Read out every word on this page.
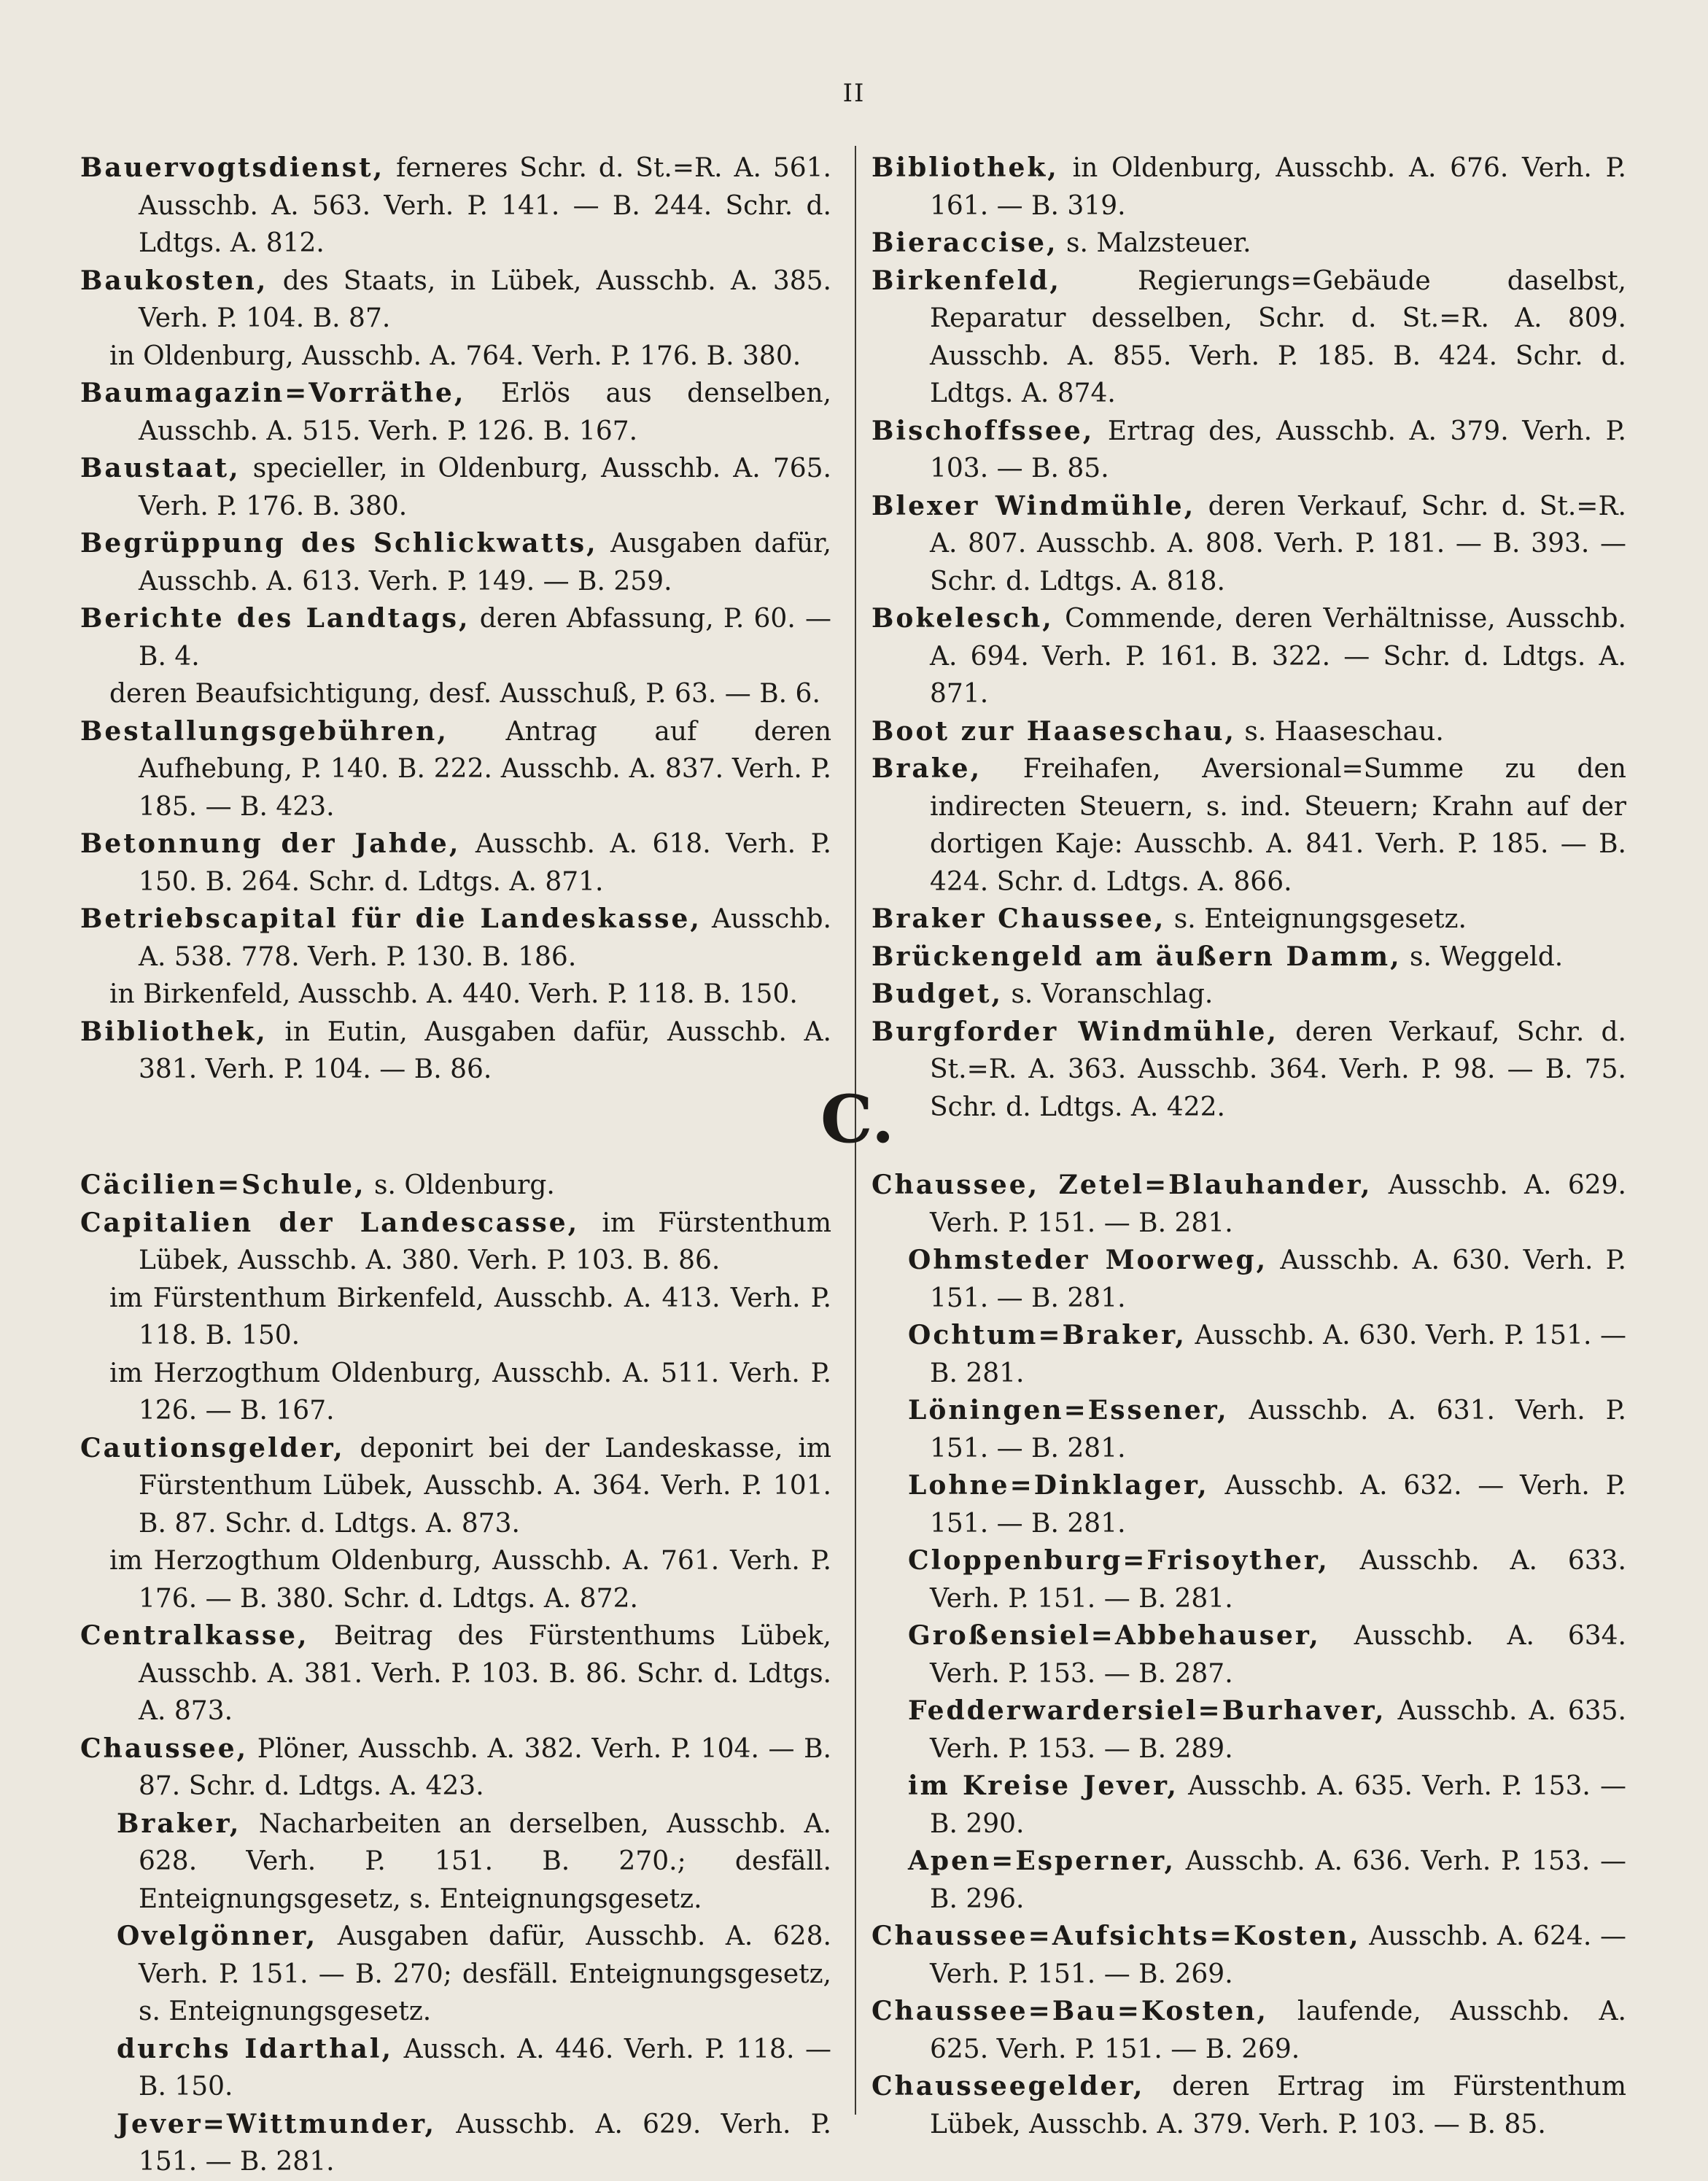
II

Bauervogtsdienst, ferneres Schr. d. St.=R. A. 561. Ausschb. A. 563. Verh. P. 141. — B. 244. Schr. d. Ldtgs. A. 812.

Baukosten, des Staats, in Lübek, Ausschb. A. 385. Verh. P. 104. B. 87.

in Oldenburg, Ausschb. A. 764. Verh. P. 176. B. 380.

Baumagazin=Vorräthe, Erlös aus denselben, Ausschb. A. 515. Verh. P. 126. B. 167.

Baustaat, specieller, in Oldenburg, Ausschb. A. 765. Verh. P. 176. B. 380.

Begrüppung des Schlickwatts, Ausgaben dafür, Ausschb. A. 613. Verh. P. 149. — B. 259.

Berichte des Landtags, deren Abfassung, P. 60. — B. 4.

deren Beaufsichtigung, desf. Ausschuß, P. 63. — B. 6.

Bestallungsgebühren, Antrag auf deren Aufhebung, P. 140. B. 222. Ausschb. A. 837. Verh. P. 185. — B. 423.

Betonnung der Jahde, Ausschb. A. 618. Verh. P. 150. B. 264. Schr. d. Ldtgs. A. 871.

Betriebscapital für die Landeskasse, Ausschb. A. 538. 778. Verh. P. 130. B. 186.

in Birkenfeld, Ausschb. A. 440. Verh. P. 118. B. 150.

Bibliothek, in Eutin, Ausgaben dafür, Ausschb. A. 381. Verh. P. 104. — B. 86.

Bibliothek, in Oldenburg, Ausschb. A. 676. Verh. P. 161. — B. 319.

Bieraccise, s. Malzsteuer.

Birkenfeld, Regierungs=Gebäude daselbst, Reparatur desselben, Schr. d. St.=R. A. 809. Ausschb. A. 855. Verh. P. 185. B. 424. Schr. d. Ldtgs. A. 874.

Bischoffssee, Ertrag des, Ausschb. A. 379. Verh. P. 103. — B. 85.

Blexer Windmühle, deren Verkauf, Schr. d. St.=R. A. 807. Ausschb. A. 808. Verh. P. 181. — B. 393. — Schr. d. Ldtgs. A. 818.

Bokelesch, Commende, deren Verhältnisse, Ausschb. A. 694. Verh. P. 161. B. 322. — Schr. d. Ldtgs. A. 871.

Boot zur Haaseschau, s. Haaseschau.

Brake, Freihafen, Aversional=Summe zu den indirecten Steuern, s. ind. Steuern; Krahn auf der dortigen Kaje: Ausschb. A. 841. Verh. P. 185. — B. 424. Schr. d. Ldtgs. A. 866.

Braker Chaussee, s. Enteignungsgesetz.

Brückengeld am äußern Damm, s. Weggeld.

Budget, s. Voranschlag.

Burgforder Windmühle, deren Verkauf, Schr. d. St.=R. A. 363. Ausschb. 364. Verh. P. 98. — B. 75. Schr. d. Ldtgs. A. 422.

C.

Cäcilien=Schule, s. Oldenburg.

Capitalien der Landescasse, im Fürstenthum Lübek, Ausschb. A. 380. Verh. P. 103. B. 86.

im Fürstenthum Birkenfeld, Ausschb. A. 413. Verh. P. 118. B. 150.

im Herzogthum Oldenburg, Ausschb. A. 511. Verh. P. 126. — B. 167.

Cautionsgelder, deponirt bei der Landeskasse, im Fürstenthum Lübek, Ausschb. A. 364. Verh. P. 101. B. 87. Schr. d. Ldtgs. A. 873.

im Herzogthum Oldenburg, Ausschb. A. 761. Verh. P. 176. — B. 380. Schr. d. Ldtgs. A. 872.

Centralkasse, Beitrag des Fürstenthums Lübek, Ausschb. A. 381. Verh. P. 103. B. 86. Schr. d. Ldtgs. A. 873.

Chaussee, Plöner, Ausschb. A. 382. Verh. P. 104. — B. 87. Schr. d. Ldtgs. A. 423.

Braker, Nacharbeiten an derselben, Ausschb. A. 628. Verh. P. 151. B. 270.; desfäll. Enteignungsgesetz, s. Enteignungsgesetz.

Ovelgönner, Ausgaben dafür, Ausschb. A. 628. Verh. P. 151. — B. 270; desfäll. Enteignungsgesetz, s. Enteignungsgesetz.

durchs Idarthal, Aussch. A. 446. Verh. P. 118. — B. 150.

Jever=Wittmunder, Ausschb. A. 629. Verh. P. 151. — B. 281.

Chaussee, Zetel=Blauhander, Ausschb. A. 629. Verh. P. 151. — B. 281.

Ohmsteder Moorweg, Ausschb. A. 630. Verh. P. 151. — B. 281.

Ochtum=Braker, Ausschb. A. 630. Verh. P. 151. — B. 281.

Löningen=Essener, Ausschb. A. 631. Verh. P. 151. — B. 281.

Lohne=Dinklager, Ausschb. A. 632. — Verh. P. 151. — B. 281.

Cloppenburg=Frisoyther, Ausschb. A. 633. Verh. P. 151. — B. 281.

Großensiel=Abbehauser, Ausschb. A. 634. Verh. P. 153. — B. 287.

Fedderwardersiel=Burhaver, Ausschb. A. 635. Verh. P. 153. — B. 289.

im Kreise Jever, Ausschb. A. 635. Verh. P. 153. — B. 290.

Apen=Esperner, Ausschb. A. 636. Verh. P. 153. — B. 296.

Chaussee=Aufsichts=Kosten, Ausschb. A. 624. — Verh. P. 151. — B. 269.

Chaussee=Bau=Kosten, laufende, Ausschb. A. 625. Verh. P. 151. — B. 269.

Chausseegelder, deren Ertrag im Fürstenthum Lübek, Ausschb. A. 379. Verh. P. 103. — B. 85.
